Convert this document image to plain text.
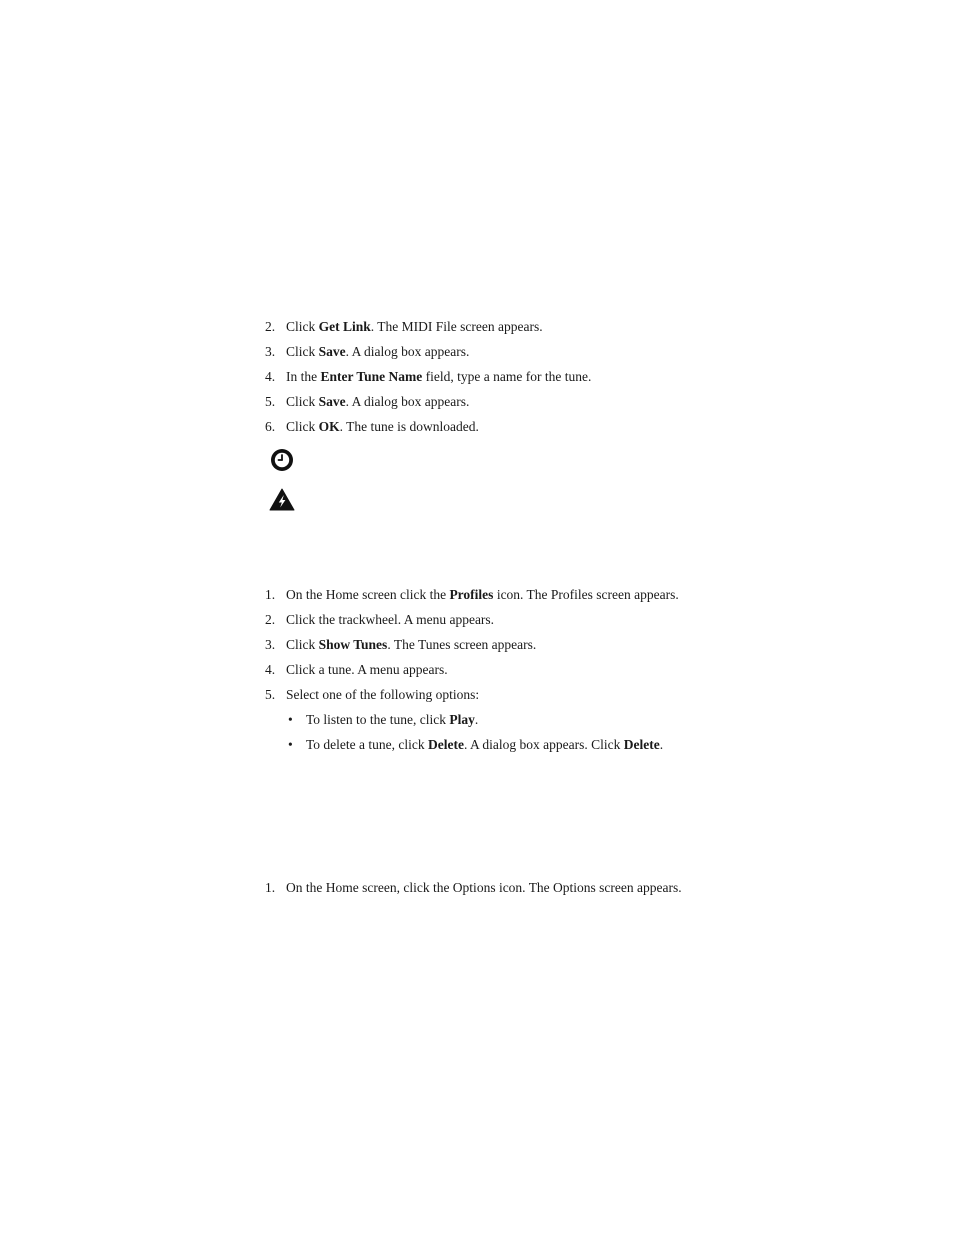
2. Click Get Link. The MIDI File screen appears.
3. Click Save. A dialog box appears.
4. In the Enter Tune Name field, type a name for the tune.
5. Click Save. A dialog box appears.
6. Click OK. The tune is downloaded.
1. On the Home screen click the Profiles icon. The Profiles screen appears.
2. Click the trackwheel. A menu appears.
3. Click Show Tunes. The Tunes screen appears.
4. Click a tune. A menu appears.
5. Select one of the following options:
• To listen to the tune, click Play.
• To delete a tune, click Delete. A dialog box appears. Click Delete.
1. On the Home screen, click the Options icon. The Options screen appears.
